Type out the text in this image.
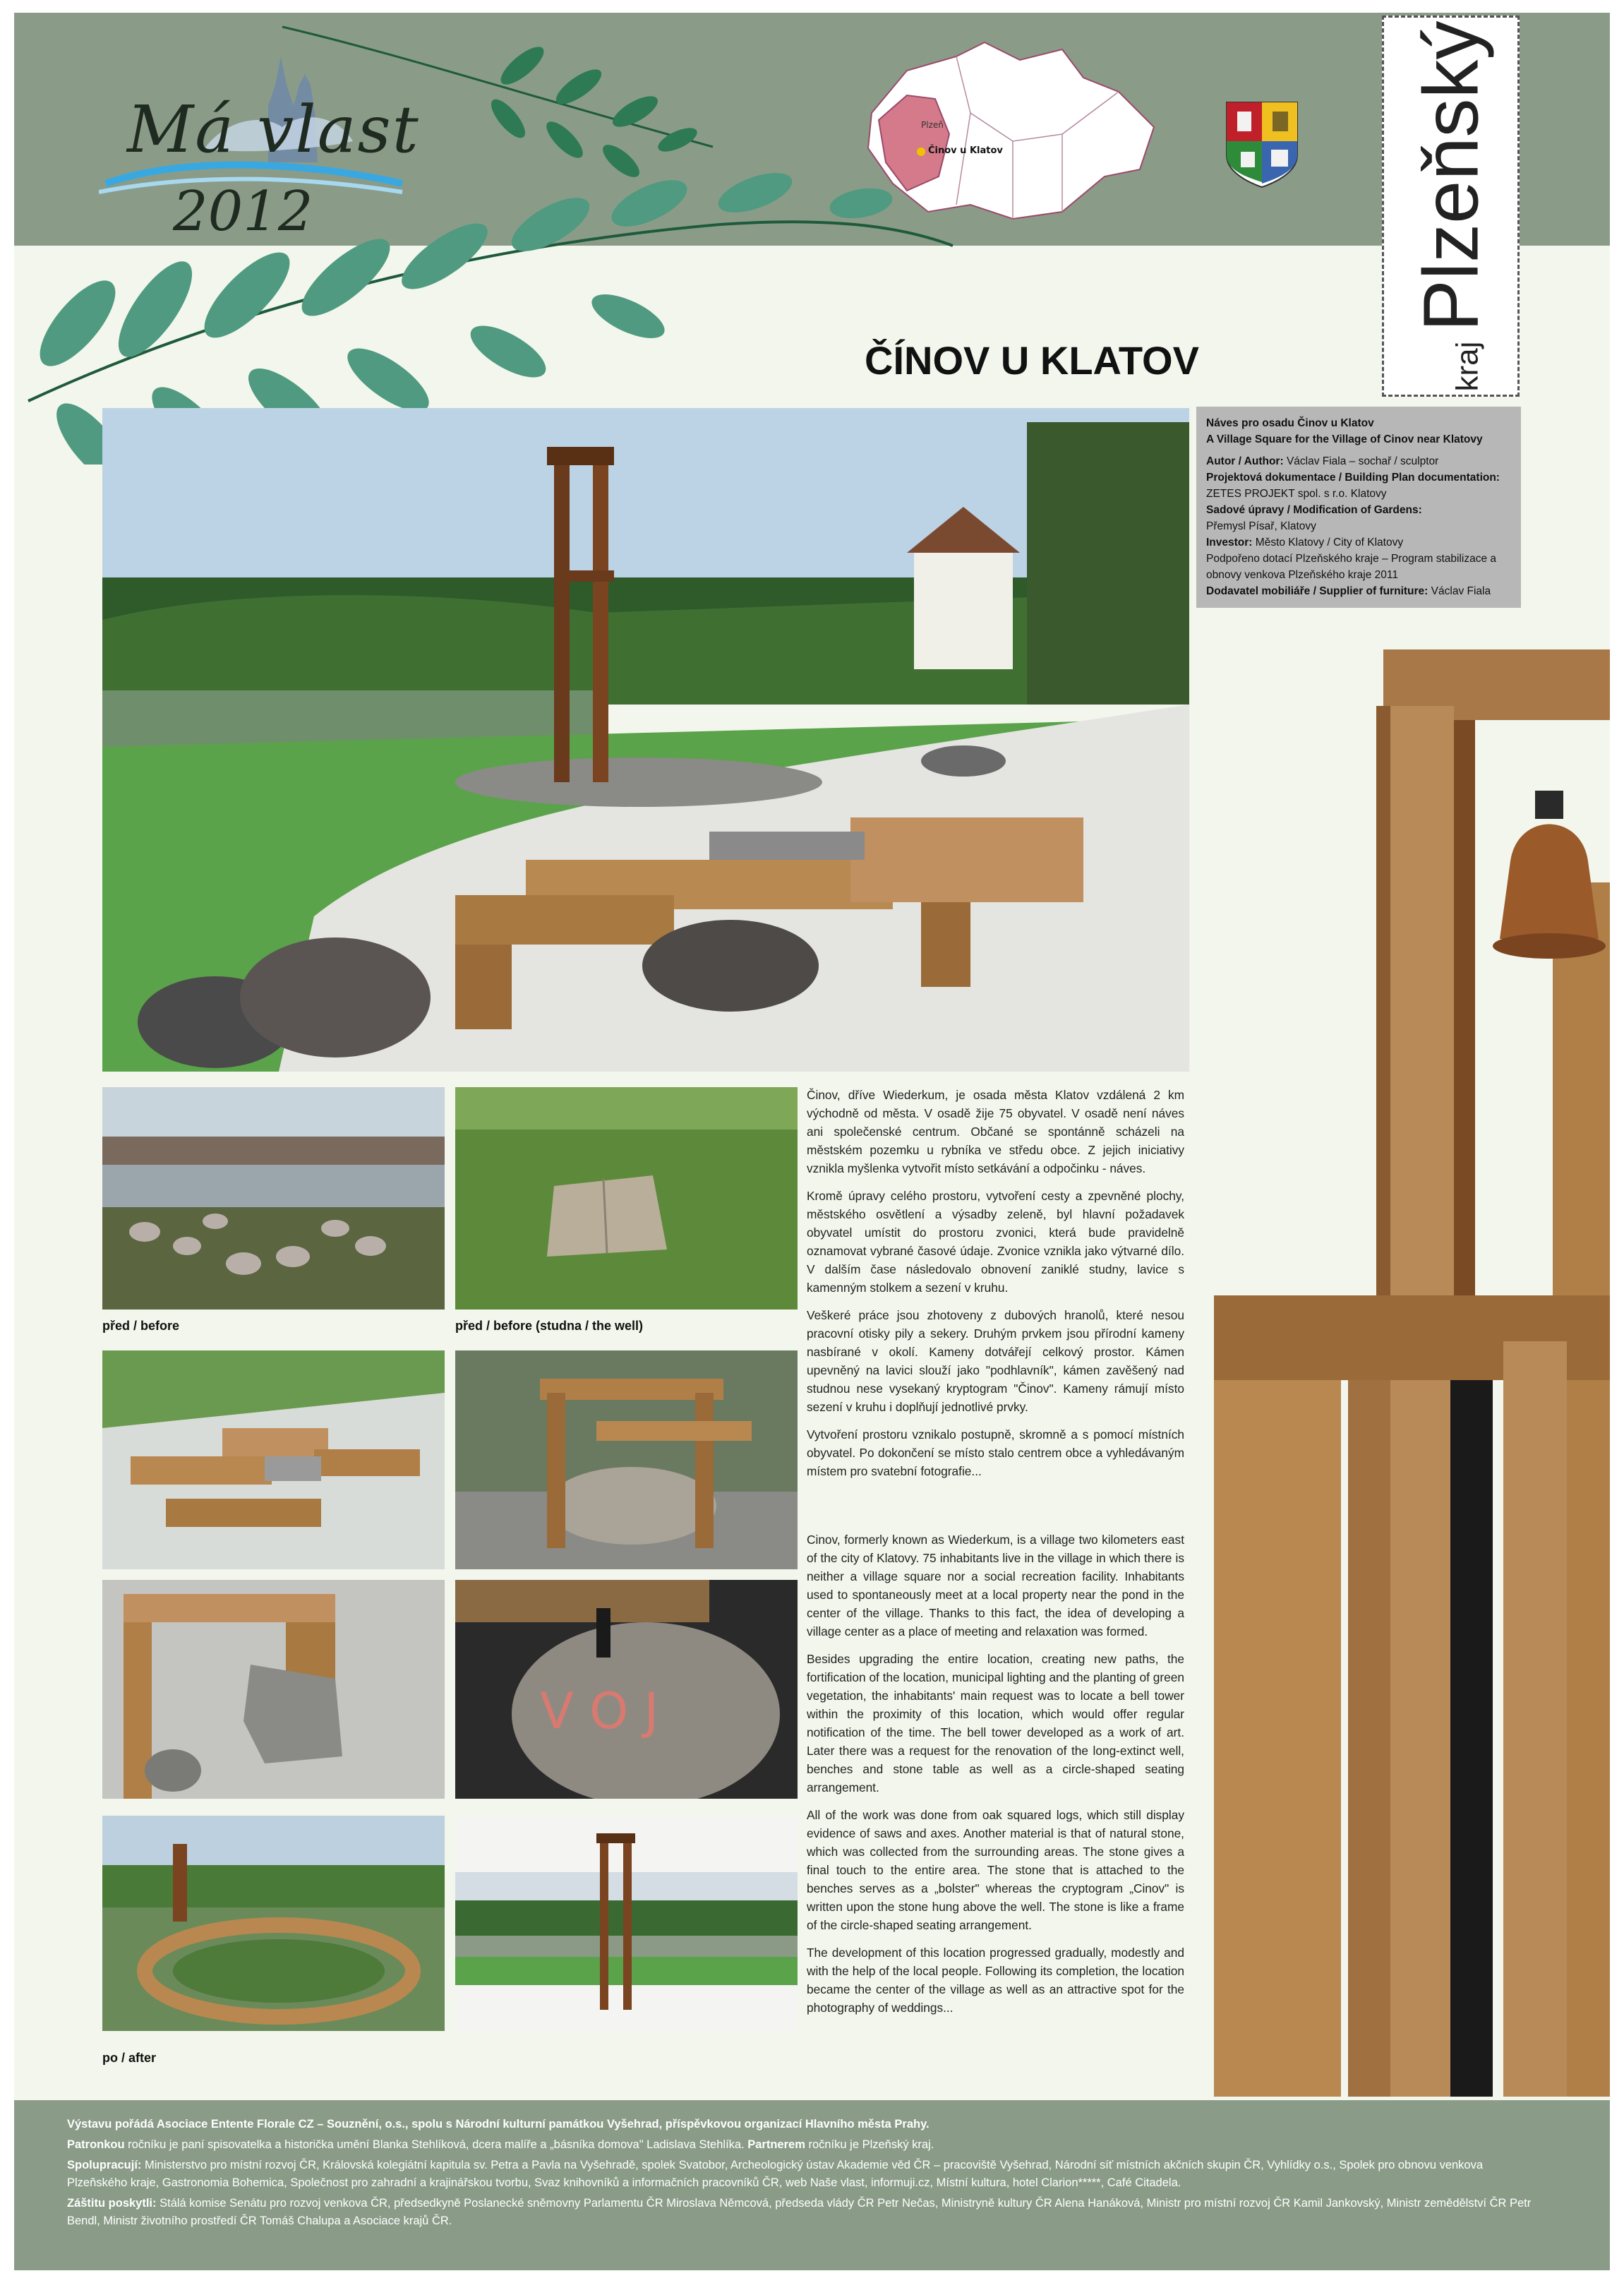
Má vlast
2012
Plzeň
Činov u Klatov
krajPlzeňský
ČÍNOV U KLATOV
Náves pro osadu Činov u Klatov
A Village Square for the Village of Cinov near Klatovy
Autor / Author: Václav Fiala – sochař / sculptor
Projektová dokumentace / Building Plan documentation:
ZETES PROJEKT spol. s r.o. Klatovy
Sadové úpravy / Modification of Gardens:
Přemysl Písař, Klatovy
Investor: Město Klatovy / City of Klatovy
Podpořeno dotací Plzeňského kraje – Program stabilizace a obnovy venkova Plzeňského kraje 2011
Dodavatel mobiliáře / Supplier of furniture: Václav Fiala
před / before	před / before (studna / the well)
V О J
po / after

Činov, dříve Wiederkum, je osada města Klatov vzdálená 2 km východně od města. V osadě žije 75 obyvatel. V osadě není náves ani společenské centrum. Občané se spontánně scházeli na městském pozemku u rybníka ve středu obce. Z jejich iniciativy vznikla myšlenka vytvořit místo setkávání a odpočinku - náves.

Kromě úpravy celého prostoru, vytvoření cesty a zpevněné plochy, městského osvětlení a výsadby zeleně, byl hlavní požadavek obyvatel umístit do prostoru zvonici, která bude pravidelně oznamovat vybrané časové údaje. Zvonice vznikla jako výtvarné dílo. V dalším čase následovalo obnovení zaniklé studny, lavice s kamenným stolkem a sezení v kruhu.

Veškeré práce jsou zhotoveny z dubových hranolů, které nesou pracovní otisky pily a sekery. Druhým prvkem jsou přírodní kameny nasbírané v okolí. Kameny dotvářejí celkový prostor. Kámen upevněný na lavici slouží jako "podhlavník", kámen zavěšený nad studnou nese vysekaný kryptogram "Činov". Kameny rámují místo sezení v kruhu i doplňují jednotlivé prvky.

Vytvoření prostoru vznikalo postupně, skromně a s pomocí místních obyvatel. Po dokončení se místo stalo centrem obce a vyhledávaným místem pro svatební fotografie...

Cinov, formerly known as Wiederkum, is a village two kilometers east of the city of Klatovy. 75 inhabitants live in the village in which there is neither a village square nor a social recreation facility. Inhabitants used to spontaneously meet at a local property near the pond in the center of the village. Thanks to this fact, the idea of developing a village center as a place of meeting and relaxation was formed.

Besides upgrading the entire location, creating new paths, the fortification of the location, municipal lighting and the planting of green vegetation, the inhabitants' main request was to locate a bell tower within the proximity of this location, which would offer regular notification of the time. The bell tower developed as a work of art. Later there was a request for the renovation of the long-extinct well, benches and stone table as well as a circle-shaped seating arrangement.

All of the work was done from oak squared logs, which still display evidence of saws and axes. Another material is that of natural stone, which was collected from the surrounding areas. The stone gives a final touch to the entire area. The stone that is attached to the benches serves as a „bolster" whereas the cryptogram „Cinov" is written upon the stone hung above the well. The stone is like a frame of the circle-shaped seating arrangement.

The development of this location progressed gradually, modestly and with the help of the local people. Following its completion, the location became the center of the village as well as an attractive spot for the photography of weddings...

Výstavu pořádá Asociace Entente Florale CZ – Souznění, o.s., spolu s Národní kulturní památkou Vyšehrad, příspěvkovou organizací Hlavního města Prahy.

Patronkou ročníku je paní spisovatelka a historička umění Blanka Stehlíková, dcera malíře a „básníka domova" Ladislava Stehlíka. Partnerem ročníku je Plzeňský kraj.

Spolupracují: Ministerstvo pro místní rozvoj ČR, Královská kolegiátní kapitula sv. Petra a Pavla na Vyšehradě, spolek Svatobor, Archeologický ústav Akademie věd ČR – pracoviště Vyšehrad, Národní síť místních akčních skupin ČR, Vyhlídky o.s., Spolek pro obnovu venkova Plzeňského kraje, Gastronomia Bohemica, Společnost pro zahradní a krajinářskou tvorbu, Svaz knihovníků a informačních pracovníků ČR, web Naše vlast, informuji.cz, Místní kultura, hotel Clarion*****, Café Citadela.

Záštitu poskytli: Stálá komise Senátu pro rozvoj venkova ČR, předsedkyně Poslanecké sněmovny Parlamentu ČR Miroslava Němcová, předseda vlády ČR Petr Nečas, Ministryně kultury ČR Alena Hanáková, Ministr pro místní rozvoj ČR Kamil Jankovský, Ministr zemědělství ČR Petr Bendl, Ministr životního prostředí ČR Tomáš Chalupa a Asociace krajů ČR.
